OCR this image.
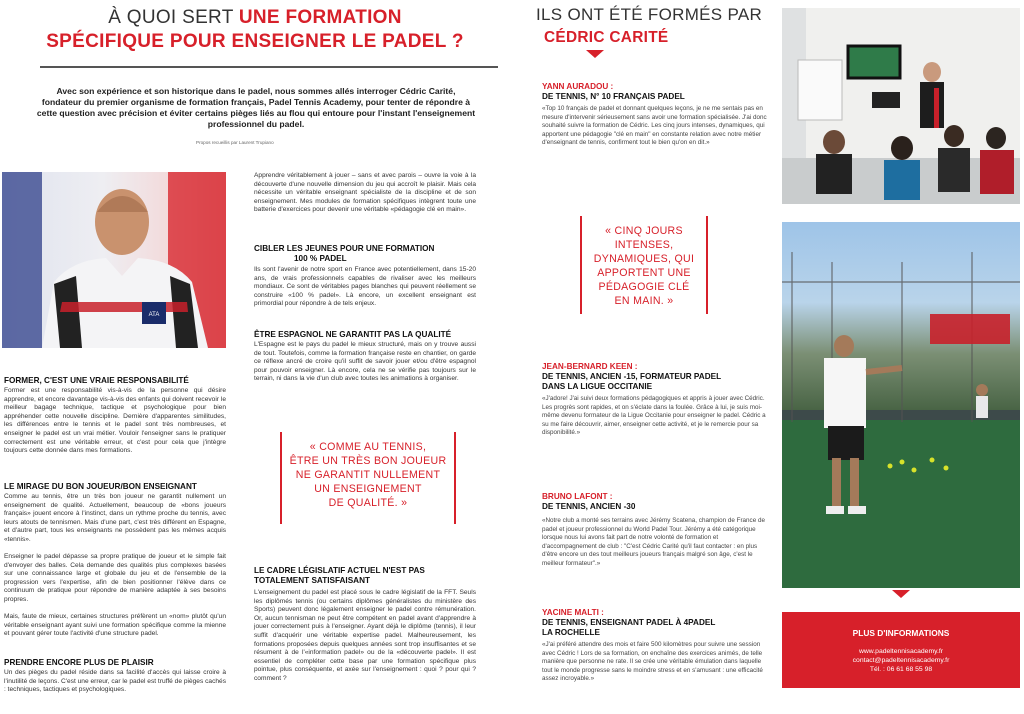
À QUOI SERT UNE FORMATION
SPÉCIFIQUE POUR ENSEIGNER LE PADEL ?
Avec son expérience et son historique dans le padel, nous sommes allés interroger Cédric Carité, fondateur du premier organisme de formation français, Padel Tennis Academy, pour tenter de répondre à cette question avec précision et éviter certains pièges liés au flou qui entoure pour l'instant l'enseignement professionnel du padel.
Propos recueillis par Laurent Trupiano
ATA
FORMER, C'EST UNE VRAIE RESPONSABILITÉ
Former est une responsabilité vis-à-vis de la personne qui désire apprendre, et encore davantage vis-à-vis des enfants qui doivent recevoir le meilleur bagage technique, tactique et psychologique pour bien appréhender cette nouvelle discipline. Dernière d'apparentes similitudes, les différences entre le tennis et le padel sont très nombreuses, et enseigner le padel est un vrai métier. Vouloir l'enseigner sans le pratiquer correctement est une véritable erreur, et c'est pour cela que j'intègre toujours cette donnée dans mes formations.
LE MIRAGE DU BON JOUEUR/BON ENSEIGNANT
Comme au tennis, être un très bon joueur ne garantit nullement un enseignement de qualité. Actuellement, beaucoup de «bons joueurs français» jouent encore à l'instinct, dans un rythme proche du tennis, avec leurs atouts de tennismen. Mais d'une part, c'est très différent en Espagne, et d'autre part, tous les enseignants ne possèdent pas les mêmes acquis «tennis».
Enseigner le padel dépasse sa propre pratique de joueur et le simple fait d'envoyer des balles. Cela demande des qualités plus complexes basées sur une connaissance large et globale du jeu et de l'ensemble de la progression vers l'expertise, afin de bien positionner l'élève dans ce continuum de pratique pour répondre de manière adaptée à ses besoins propres.
Mais, faute de mieux, certaines structures préfèrent un «nom» plutôt qu'un véritable enseignant ayant suivi une formation spécifique comme la mienne et pouvant gérer toute l'activité d'une structure padel.
PRENDRE ENCORE PLUS DE PLAISIR
Un des pièges du padel réside dans sa facilité d'accès qui laisse croire à l'inutilité de leçons. C'est une erreur, car le padel est truffé de pièges cachés : techniques, tactiques et psychologiques.
Apprendre véritablement à jouer – sans et avec parois – ouvre la voie à la découverte d'une nouvelle dimension du jeu qui accroît le plaisir. Mais cela nécessite un véritable enseignant spécialiste de la discipline et de son enseignement. Mes modules de formation spécifiques intègrent toute une batterie d'exercices pour devenir une véritable «pédagogie clé en main».
CIBLER LES JEUNES POUR UNE FORMATION
100 % PADEL
Ils sont l'avenir de notre sport en France avec potentiellement, dans 15-20 ans, de vrais professionnels capables de rivaliser avec les meilleurs mondiaux. Ce sont de véritables pages blanches qui peuvent réellement se construire «100 % padel». Là encore, un excellent enseignant est primordial pour répondre à de tels enjeux.
ÊTRE ESPAGNOL NE GARANTIT PAS LA QUALITÉ
L'Espagne est le pays du padel le mieux structuré, mais on y trouve aussi de tout. Toutefois, comme la formation française reste en chantier, on garde ce réflexe ancré de croire qu'il suffit de savoir jouer et/ou d'être espagnol pour pouvoir enseigner. Là encore, cela ne se vérifie pas toujours sur le terrain, ni dans la vie d'un club avec toutes les animations à organiser.
« COMME AU TENNIS,
ÊTRE UN TRÈS BON JOUEUR
NE GARANTIT NULLEMENT
UN ENSEIGNEMENT
DE QUALITÉ. »
LE CADRE LÉGISLATIF ACTUEL N'EST PAS
TOTALEMENT SATISFAISANT
L'enseignement du padel est placé sous le cadre législatif de la FFT. Seuls les diplômés tennis (ou certains diplômes généralistes du ministère des Sports) peuvent donc légalement enseigner le padel contre rémunération. Or, aucun tennisman ne peut être compétent en padel avant d'apprendre à jouer correctement puis à l'enseigner. Ayant déjà le diplôme (tennis), il leur suffit d'acquérir une véritable expertise padel. Malheureusement, les formations proposées depuis quelques années sont trop insuffisantes et se résument à de l'«information padel» ou de la «découverte padel». Il est essentiel de compléter cette base par une formation spécifique plus pointue, plus conséquente, et axée sur l'enseignement : quoi ? pour qui ? comment ?
ILS ONT ÉTÉ FORMÉS PAR
CÉDRIC CARITÉ
YANN AURADOU :
DE TENNIS, N° 10 FRANÇAIS PADEL
«Top 10 français de padel et donnant quelques leçons, je ne me sentais pas en mesure d'intervenir sérieusement sans avoir une formation spécialisée. J'ai donc souhaité suivre la formation de Cédric. Les cinq jours intenses, dynamiques, qui apportent une pédagogie "clé en main" en constante relation avec notre métier d'enseignant de tennis, confirment tout le bien qu'on en dit.»
« CINQ JOURS INTENSES,
DYNAMIQUES, QUI
APPORTENT UNE
PÉDAGOGIE CLÉ
EN MAIN. »
JEAN-BERNARD KEEN :
DE TENNIS, ANCIEN -15, FORMATEUR PADEL
DANS LA LIGUE OCCITANIE
«J'adore! J'ai suivi deux formations pédagogiques et appris à jouer avec Cédric. Les progrès sont rapides, et on s'éclate dans la foulée. Grâce à lui, je suis moi-même devenu formateur de la Ligue Occitanie pour enseigner le padel. Cédric a su me faire découvrir, aimer, enseigner cette activité, et je le remercie pour sa disponibilité.»
BRUNO LAFONT :
DE TENNIS, ANCIEN -30
«Notre club a monté ses terrains avec Jérémy Scatena, champion de France de padel et joueur professionnel du World Padel Tour. Jérémy a été catégorique lorsque nous lui avons fait part de notre volonté de formation et d'accompagnement de club : "C'est Cédric Carité qu'il faut contacter : en plus d'être encore un des tout meilleurs joueurs français malgré son âge, c'est le meilleur formateur".»
YACINE MALTI :
DE TENNIS, ENSEIGNANT PADEL À 4PADEL
LA ROCHELLE
«J'ai préféré attendre des mois et faire 500 kilomètres pour suivre une session avec Cédric ! Lors de sa formation, on enchaîne des exercices animés, de telle manière que personne ne rate. Il se crée une véritable émulation dans laquelle tout le monde progresse sans le moindre stress et en s'amusant : une efficacité assez incroyable.»
PLUS D'INFORMATIONS
www.padeltennisacademy.fr
contact@padeltennisacademy.fr
Tél. : 06 61 68 55 98
